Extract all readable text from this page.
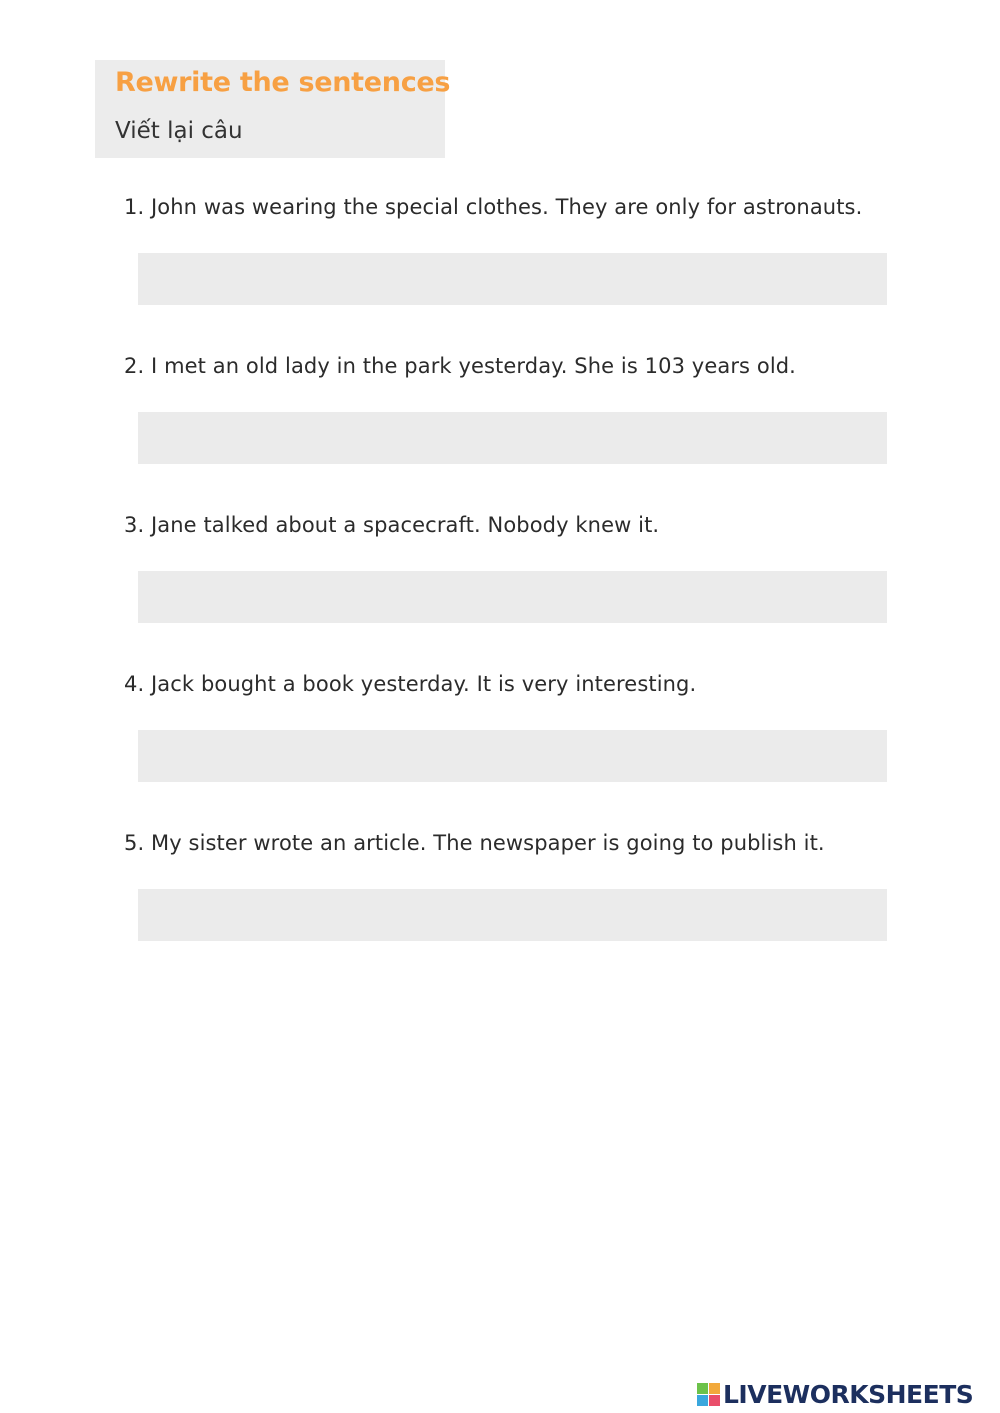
Rewrite the sentences
Viết lại câu
1. John was wearing the special clothes. They are only for astronauts.
2. I met an old lady in the park yesterday. She is 103 years old.
3. Jane talked about a spacecraft. Nobody knew it.
4. Jack bought a book yesterday. It is very interesting.
5. My sister wrote an article. The newspaper is going to publish it.
LIVEWORKSHEETS
